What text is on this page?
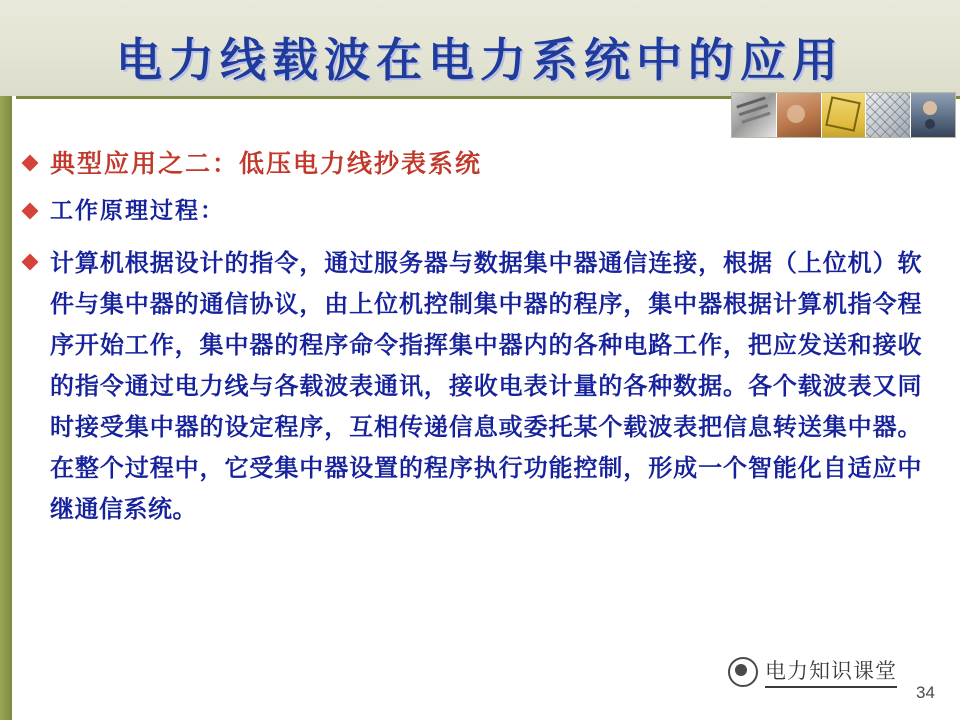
电力线载波在电力系统中的应用
典型应用之二：低压电力线抄表系统
工作原理过程：
计算机根据设计的指令，通过服务器与数据集中器通信连接，根据（上位机）软件与集中器的通信协议，由上位机控制集中器的程序，集中器根据计算机指令程序开始工作，集中器的程序命令指挥集中器内的各种电路工作，把应发送和接收的指令通过电力线与各载波表通讯，接收电表计量的各种数据。各个载波表又同时接受集中器的设定程序，互相传递信息或委托某个载波表把信息转送集中器。在整个过程中，它受集中器设置的程序执行功能控制，形成一个智能化自适应中继通信系统。
电力知识课堂
34
